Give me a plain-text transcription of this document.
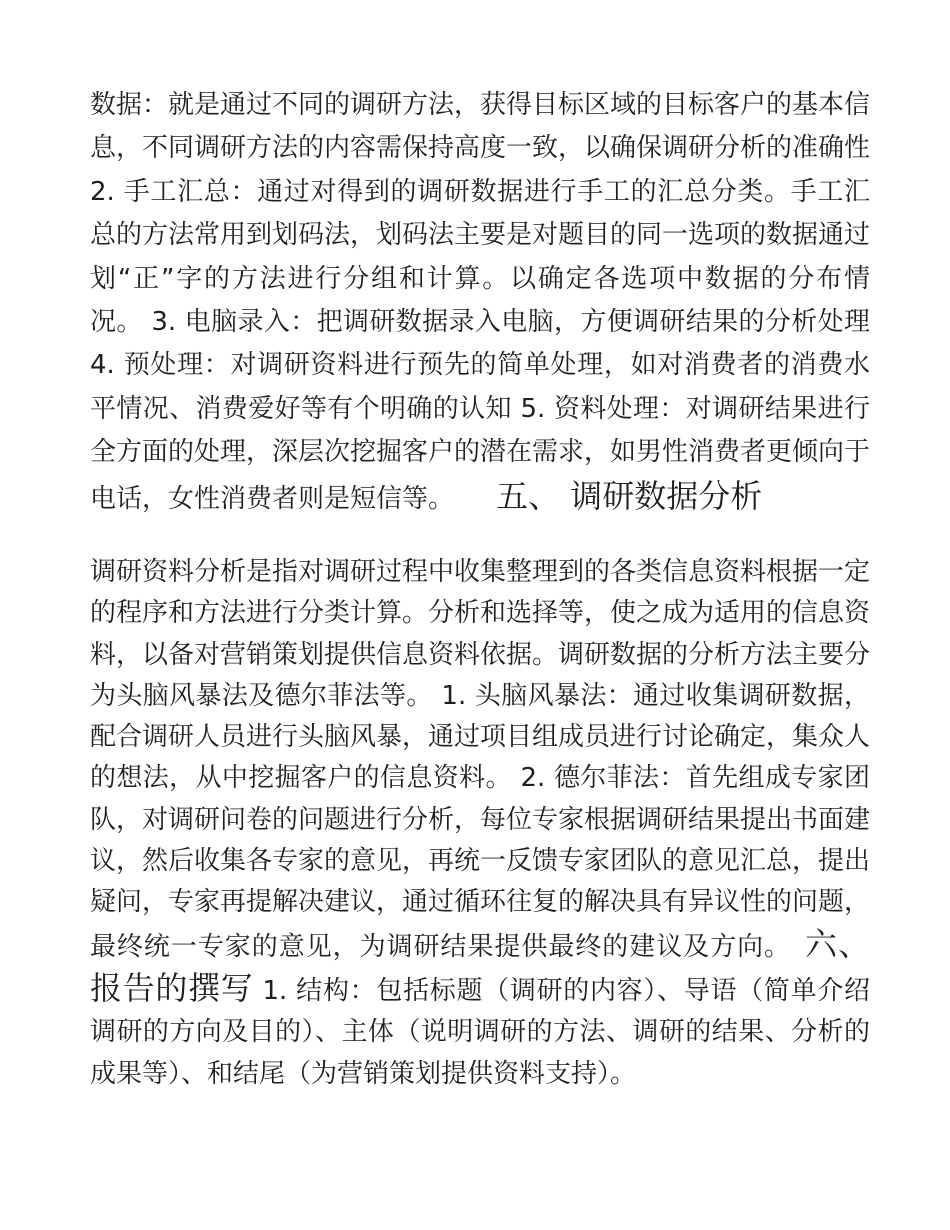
数据：就是通过不同的调研方法，获得目标区域的目标客户的基本信息，不同调研方法的内容需保持高度一致，以确保调研分析的准确性 2. 手工汇总：通过对得到的调研数据进行手工的汇总分类。手工汇总的方法常用到划码法，划码法主要是对题目的同一选项的数据通过划“正”字的方法进行分组和计算。以确定各选项中数据的分布情况。 3. 电脑录入：把调研数据录入电脑，方便调研结果的分析处理 4. 预处理：对调研资料进行预先的简单处理，如对消费者的消费水平情况、消费爱好等有个明确的认知 5. 资料处理：对调研结果进行全方面的处理，深层次挖掘客户的潜在需求，如男性消费者更倾向于电话，女性消费者则是短信等。 五、 调研数据分析

调研资料分析是指对调研过程中收集整理到的各类信息资料根据一定的程序和方法进行分类计算。分析和选择等，使之成为适用的信息资料，以备对营销策划提供信息资料依据。调研数据的分析方法主要分为头脑风暴法及德尔菲法等。 1. 头脑风暴法：通过收集调研数据，配合调研人员进行头脑风暴，通过项目组成员进行讨论确定，集众人的想法，从中挖掘客户的信息资料。 2. 德尔菲法：首先组成专家团队，对调研问卷的问题进行分析，每位专家根据调研结果提出书面建议，然后收集各专家的意见，再统一反馈专家团队的意见汇总，提出疑问，专家再提解决建议，通过循环往复的解决具有异议性的问题，最终统一专家的意见，为调研结果提供最终的建议及方向。 六、 报告的撰写 1. 结构：包括标题（调研的内容）、导语（简单介绍调研的方向及目的）、主体（说明调研的方法、调研的结果、分析的成果等）、和结尾（为营销策划提供资料支持）。
